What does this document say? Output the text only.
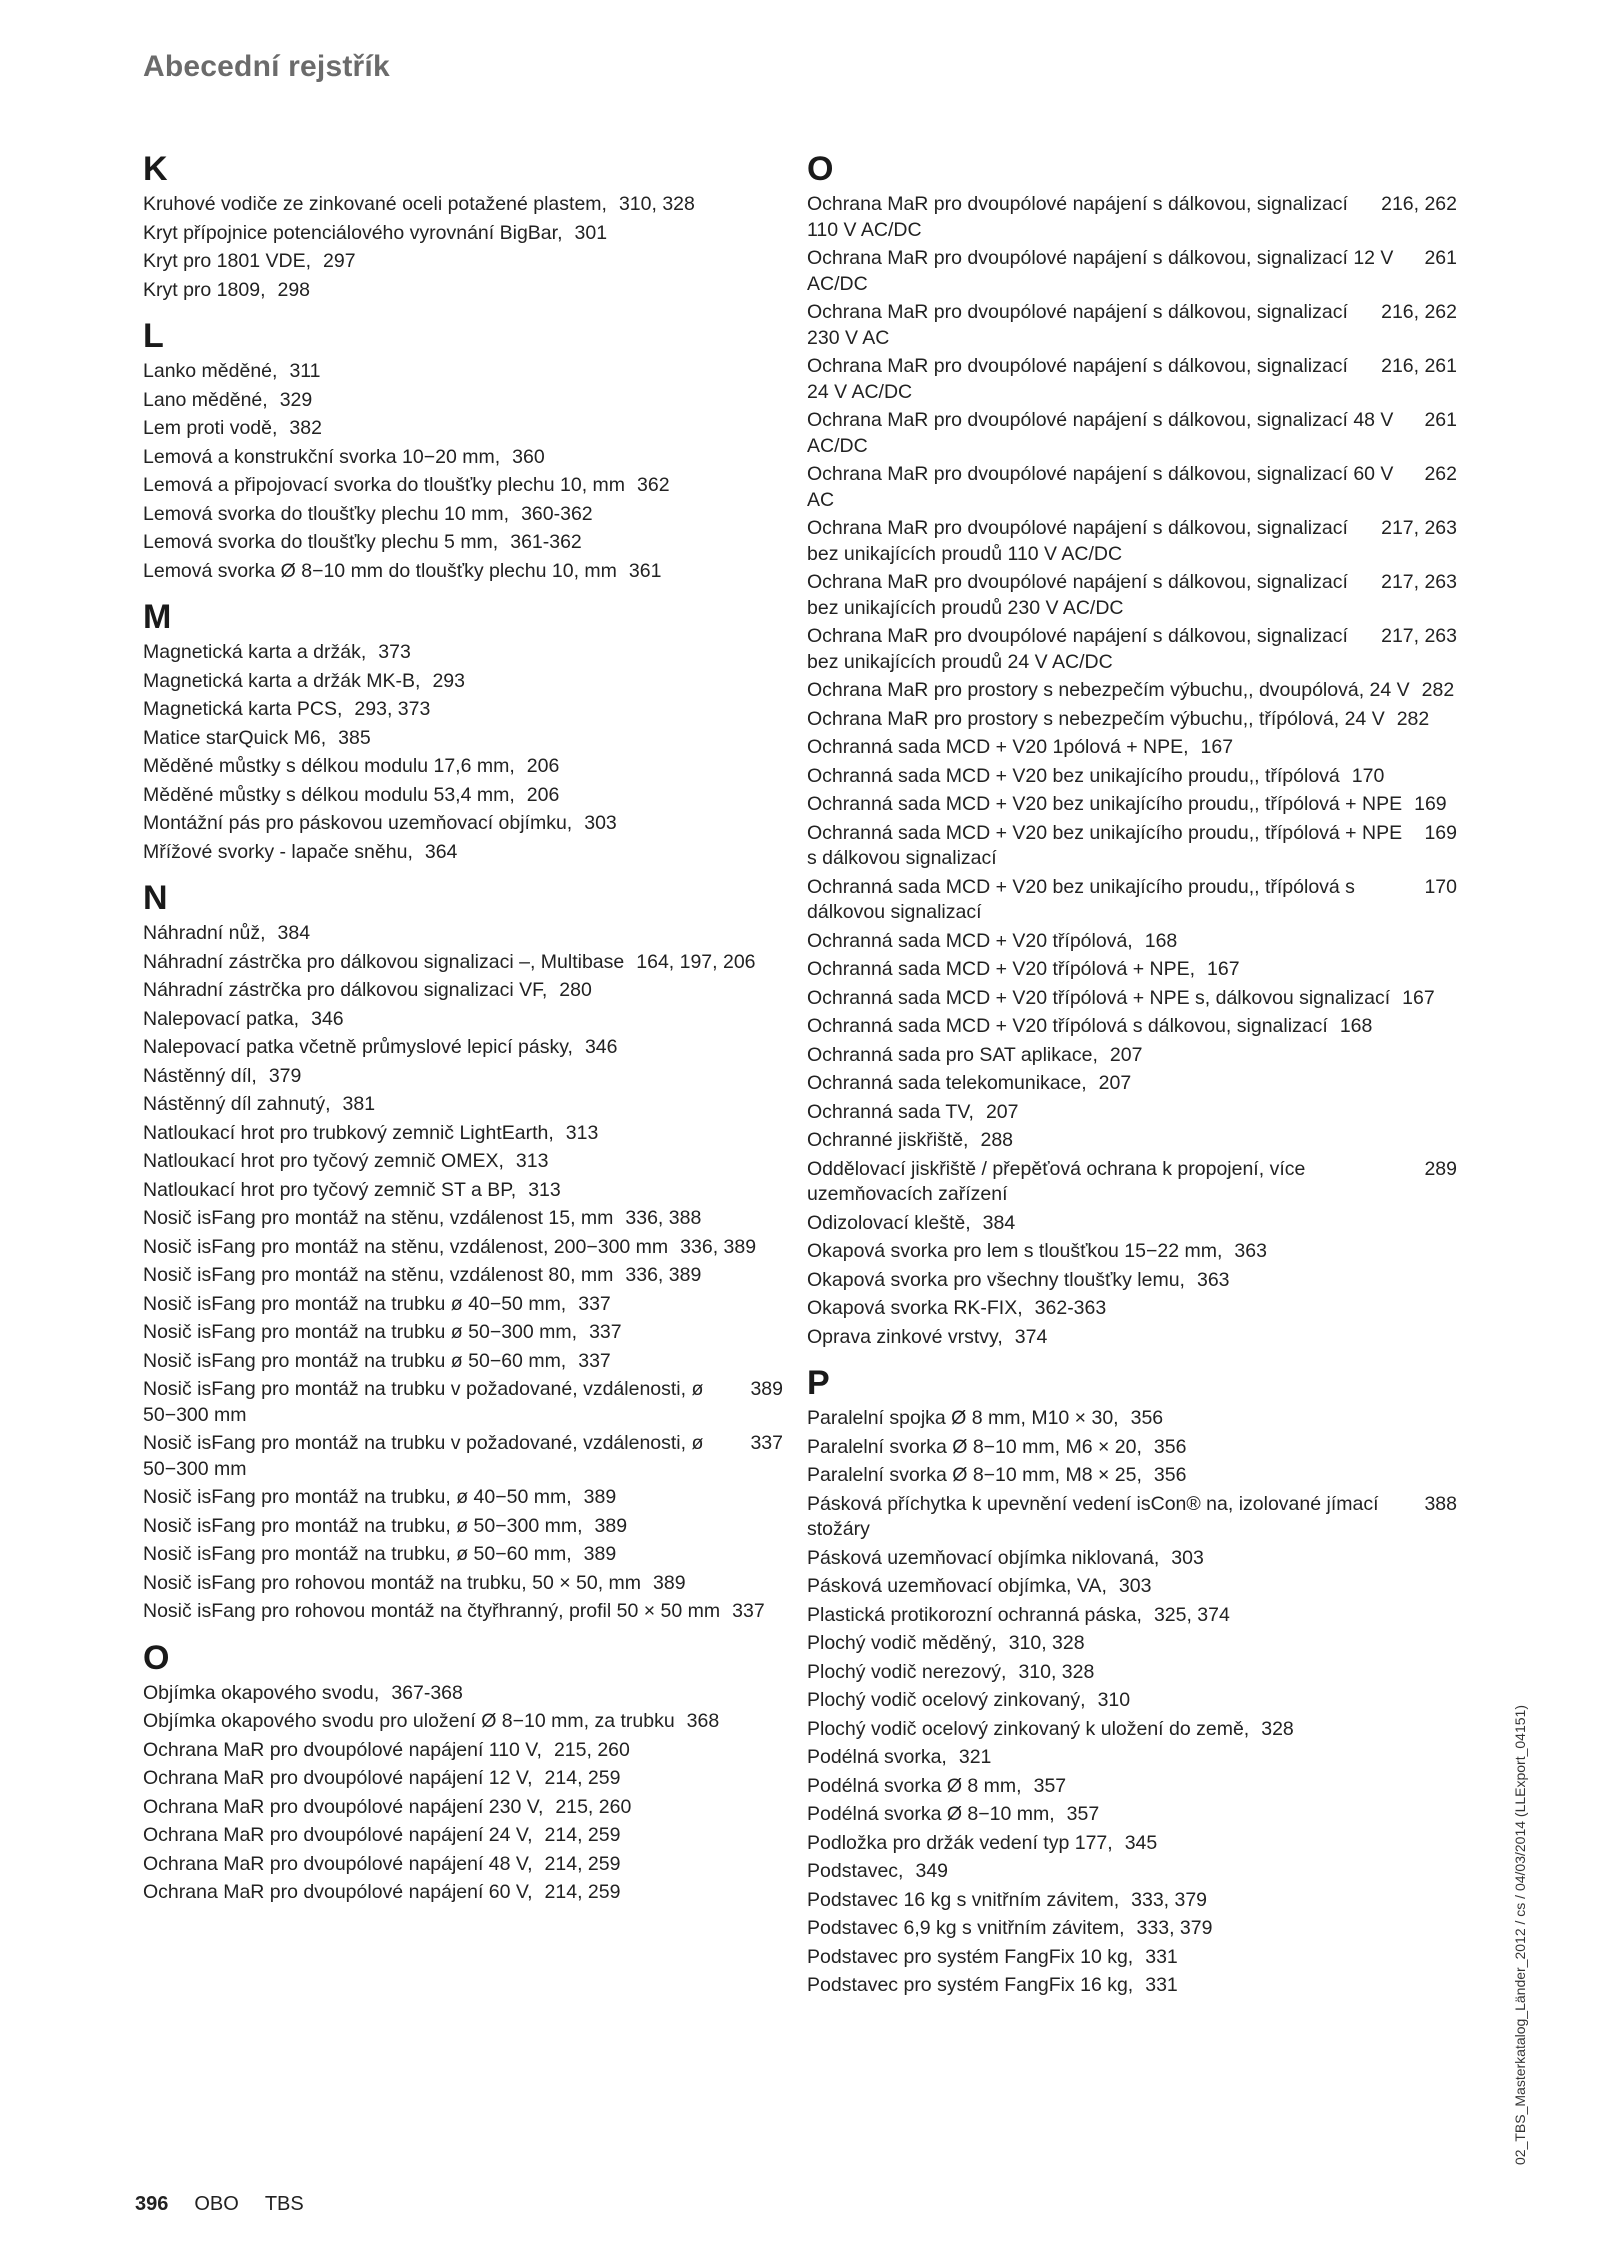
Abecední rejstřík
K
Kruhové vodiče ze zinkované oceli potažené plastem, 310, 328
Kryt přípojnice potenciálového vyrovnání BigBar, 301
Kryt pro 1801 VDE, 297
Kryt pro 1809, 298
L
Lanko měděné, 311
Lano měděné, 329
Lem proti vodě, 382
Lemová a konstrukční svorka 10−20 mm, 360
Lemová a připojovací svorka do tloušťky plechu 10, mm 362
Lemová svorka do tloušťky plechu 10 mm, 360-362
Lemová svorka do tloušťky plechu 5 mm, 361-362
Lemová svorka Ø 8−10 mm do tloušťky plechu 10, mm 361
M
Magnetická karta a držák, 373
Magnetická karta a držák MK-B, 293
Magnetická karta PCS, 293, 373
Matice starQuick M6, 385
Měděné můstky s délkou modulu 17,6 mm, 206
Měděné můstky s délkou modulu 53,4 mm, 206
Montážní pás pro páskovou uzemňovací objímku, 303
Mřížové svorky - lapače sněhu, 364
N
Náhradní nůž, 384
Náhradní zástrčka pro dálkovou signalizaci –, Multibase 164, 197, 206
Náhradní zástrčka pro dálkovou signalizaci VF, 280
Nalepovací patka, 346
Nalepovací patka včetně průmyslové lepicí pásky, 346
Nástěnný díl, 379
Nástěnný díl zahnutý, 381
Natloukací hrot pro trubkový zemnič LightEarth, 313
Natloukací hrot pro tyčový zemnič OMEX, 313
Natloukací hrot pro tyčový zemnič ST a BP, 313
Nosič isFang pro montáž na stěnu, vzdálenost 15, mm 336, 388
Nosič isFang pro montáž na stěnu, vzdálenost, 200−300 mm 336, 389
Nosič isFang pro montáž na stěnu, vzdálenost 80, mm 336, 389
Nosič isFang pro montáž na trubku ø 40−50 mm, 337
Nosič isFang pro montáž na trubku ø 50−300 mm, 337
Nosič isFang pro montáž na trubku ø 50−60 mm, 337
Nosič isFang pro montáž na trubku v požadované, vzdálenosti, ø 50−300 mm
389
Nosič isFang pro montáž na trubku v požadované, vzdálenosti, ø 50−300 mm
337
Nosič isFang pro montáž na trubku, ø 40−50 mm, 389
Nosič isFang pro montáž na trubku, ø 50−300 mm, 389
Nosič isFang pro montáž na trubku, ø 50−60 mm, 389
Nosič isFang pro rohovou montáž na trubku, 50 × 50, mm 389
Nosič isFang pro rohovou montáž na čtyřhranný, profil 50 × 50 mm 337
O
Objímka okapového svodu, 367-368
Objímka okapového svodu pro uložení Ø 8−10 mm, za trubku 368
Ochrana MaR pro dvoupólové napájení 110 V, 215, 260
Ochrana MaR pro dvoupólové napájení 12 V, 214, 259
Ochrana MaR pro dvoupólové napájení 230 V, 215, 260
Ochrana MaR pro dvoupólové napájení 24 V, 214, 259
Ochrana MaR pro dvoupólové napájení 48 V, 214, 259
Ochrana MaR pro dvoupólové napájení 60 V, 214, 259
O
Ochrana MaR pro dvoupólové napájení s dálkovou, signalizací 110 V AC/DC
216, 262
Ochrana MaR pro dvoupólové napájení s dálkovou, signalizací 12 V AC/DC
261
Ochrana MaR pro dvoupólové napájení s dálkovou, signalizací 230 V AC
216, 262
Ochrana MaR pro dvoupólové napájení s dálkovou, signalizací 24 V AC/DC
216, 261
Ochrana MaR pro dvoupólové napájení s dálkovou, signalizací 48 V AC/DC
261
Ochrana MaR pro dvoupólové napájení s dálkovou, signalizací 60 V AC
262
Ochrana MaR pro dvoupólové napájení s dálkovou, signalizací bez unikajících proudů 110 V AC/DC
217, 263
Ochrana MaR pro dvoupólové napájení s dálkovou, signalizací bez unikajících proudů 230 V AC/DC
217, 263
Ochrana MaR pro dvoupólové napájení s dálkovou, signalizací bez unikajících proudů 24 V AC/DC
217, 263
Ochrana MaR pro prostory s nebezpečím výbuchu,, dvoupólová, 24 V 282
Ochrana MaR pro prostory s nebezpečím výbuchu,, třípólová, 24 V 282
Ochranná sada MCD + V20 1pólová + NPE, 167
Ochranná sada MCD + V20 bez unikajícího proudu,, třípólová 170
Ochranná sada MCD + V20 bez unikajícího proudu,, třípólová + NPE 169
Ochranná sada MCD + V20 bez unikajícího proudu,, třípólová + NPE s dálkovou signalizací
169
Ochranná sada MCD + V20 bez unikajícího proudu,, třípólová s dálkovou signalizací
170
Ochranná sada MCD + V20 třípólová, 168
Ochranná sada MCD + V20 třípólová + NPE, 167
Ochranná sada MCD + V20 třípólová + NPE s, dálkovou signalizací 167
Ochranná sada MCD + V20 třípólová s dálkovou, signalizací 168
Ochranná sada pro SAT aplikace, 207
Ochranná sada telekomunikace, 207
Ochranná sada TV, 207
Ochranné jiskřiště, 288
Oddělovací jiskřiště / přepěťová ochrana k propojení, více uzemňovacích zařízení
289
Odizolovací kleště, 384
Okapová svorka pro lem s tloušťkou 15−22 mm, 363
Okapová svorka pro všechny tloušťky lemu, 363
Okapová svorka RK-FIX, 362-363
Oprava zinkové vrstvy, 374
P
Paralelní spojka Ø 8 mm, M10 × 30, 356
Paralelní svorka Ø 8−10 mm, M6 × 20, 356
Paralelní svorka Ø 8−10 mm, M8 × 25, 356
Pásková příchytka k upevnění vedení isCon® na, izolované jímací stožáry
388
Pásková uzemňovací objímka niklovaná, 303
Pásková uzemňovací objímka, VA, 303
Plastická protikorozní ochranná páska, 325, 374
Plochý vodič měděný, 310, 328
Plochý vodič nerezový, 310, 328
Plochý vodič ocelový zinkovaný, 310
Plochý vodič ocelový zinkovaný k uložení do země, 328
Podélná svorka, 321
Podélná svorka Ø 8 mm, 357
Podélná svorka Ø 8−10 mm, 357
Podložka pro držák vedení typ 177, 345
Podstavec, 349
Podstavec 16 kg s vnitřním závitem, 333, 379
Podstavec 6,9 kg s vnitřním závitem, 333, 379
Podstavec pro systém FangFix 10 kg, 331
Podstavec pro systém FangFix 16 kg, 331
396 OBO TBS
02_TBS_Masterkatalog_Länder_2012 / cs / 04/03/2014 (LLExport_04151)
